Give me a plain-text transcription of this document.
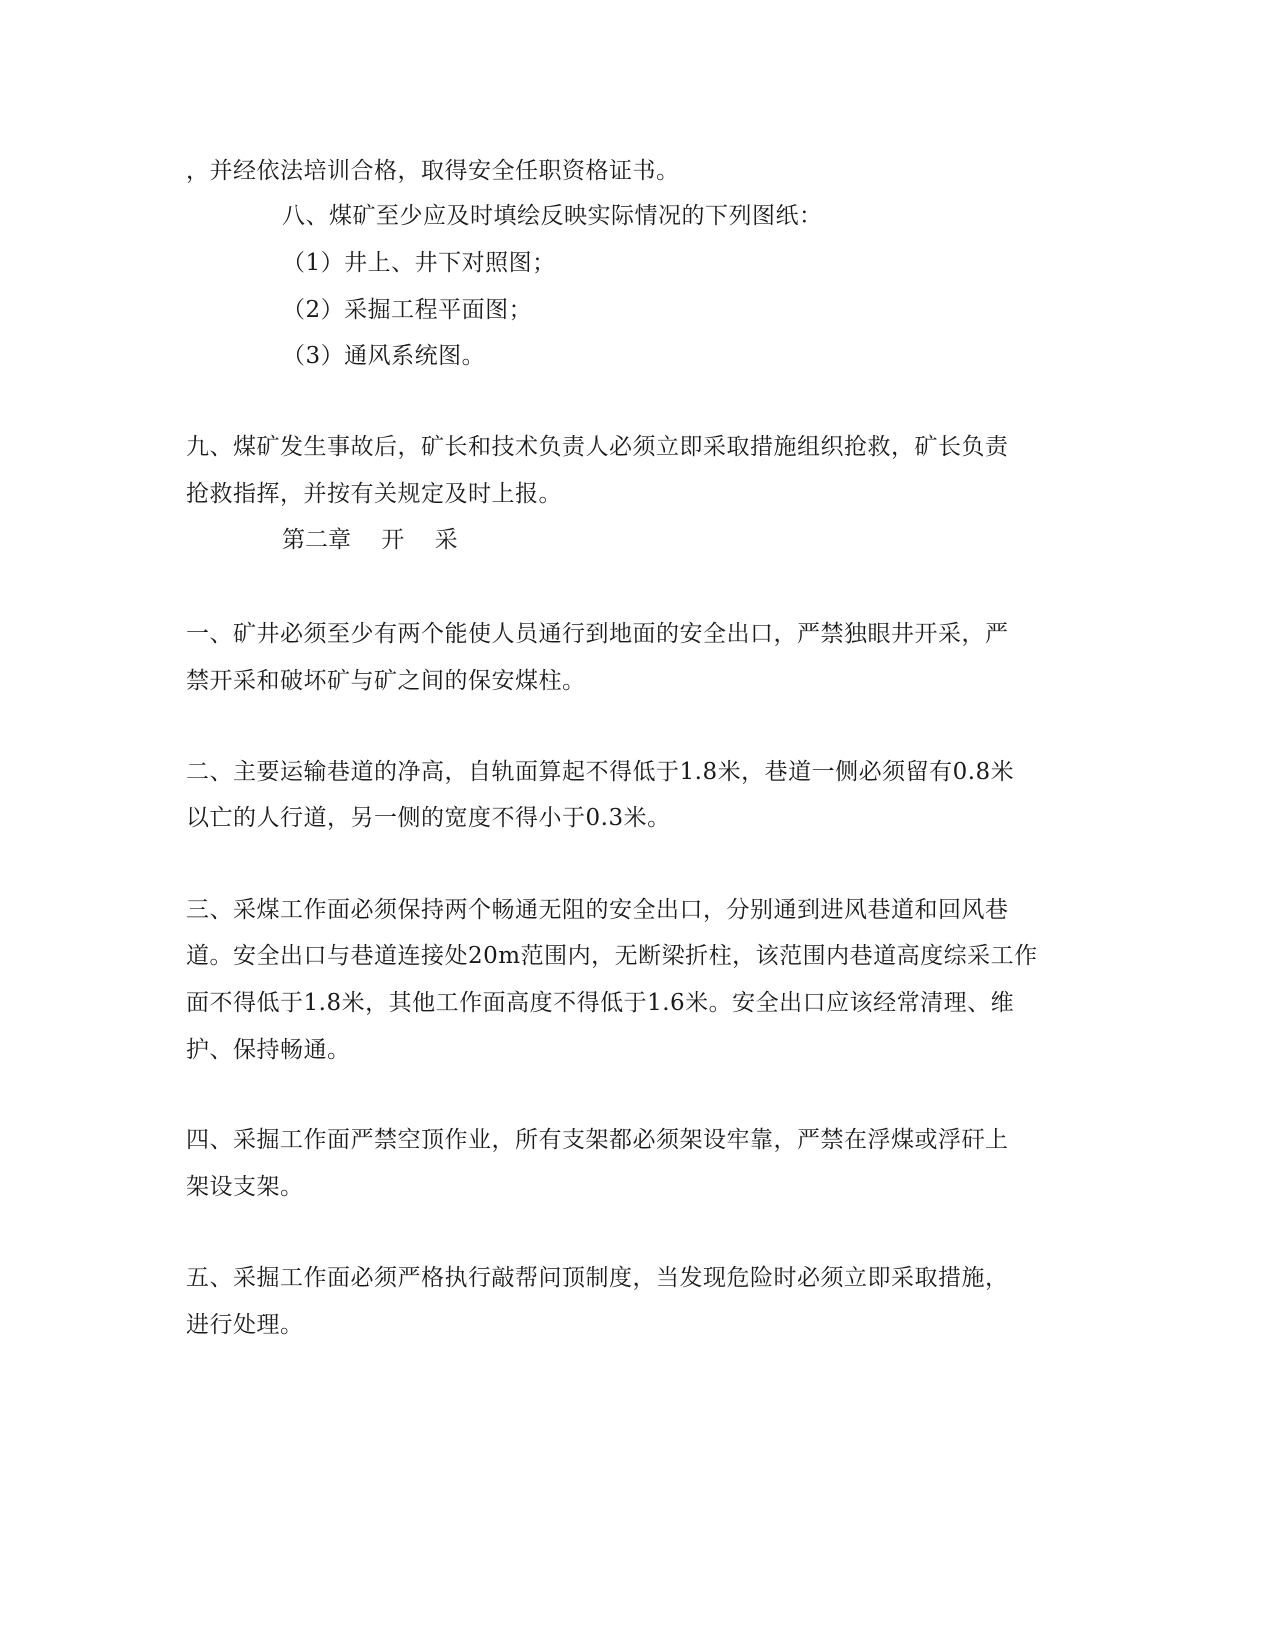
，并经依法培训合格，取得安全任职资格证书。
八、煤矿至少应及时填绘反映实际情况的下列图纸：
（1）井上、井下对照图；
（2）采掘工程平面图；
（3）通风系统图。
九、煤矿发生事故后，矿长和技术负责人必须立即采取措施组织抢救，矿长负责
抢救指挥，并按有关规定及时上报。
第二章　 开　 采
一、矿井必须至少有两个能使人员通行到地面的安全出口，严禁独眼井开采，严
禁开采和破坏矿与矿之间的保安煤柱。
二、主要运输巷道的净高，自轨面算起不得低于1.8米，巷道一侧必须留有0.8米
以亡的人行道，另一侧的宽度不得小于0.3米。
三、采煤工作面必须保持两个畅通无阻的安全出口，分别通到进风巷道和回风巷
道。安全出口与巷道连接处20m范围内，无断梁折柱，该范围内巷道高度综采工作
面不得低于1.8米，其他工作面高度不得低于1.6米。安全出口应该经常清理、维
护、保持畅通。
四、采掘工作面严禁空顶作业，所有支架都必须架设牢靠，严禁在浮煤或浮矸上
架设支架。
五、采掘工作面必须严格执行敲帮问顶制度，当发现危险时必须立即采取措施，
进行处理。
